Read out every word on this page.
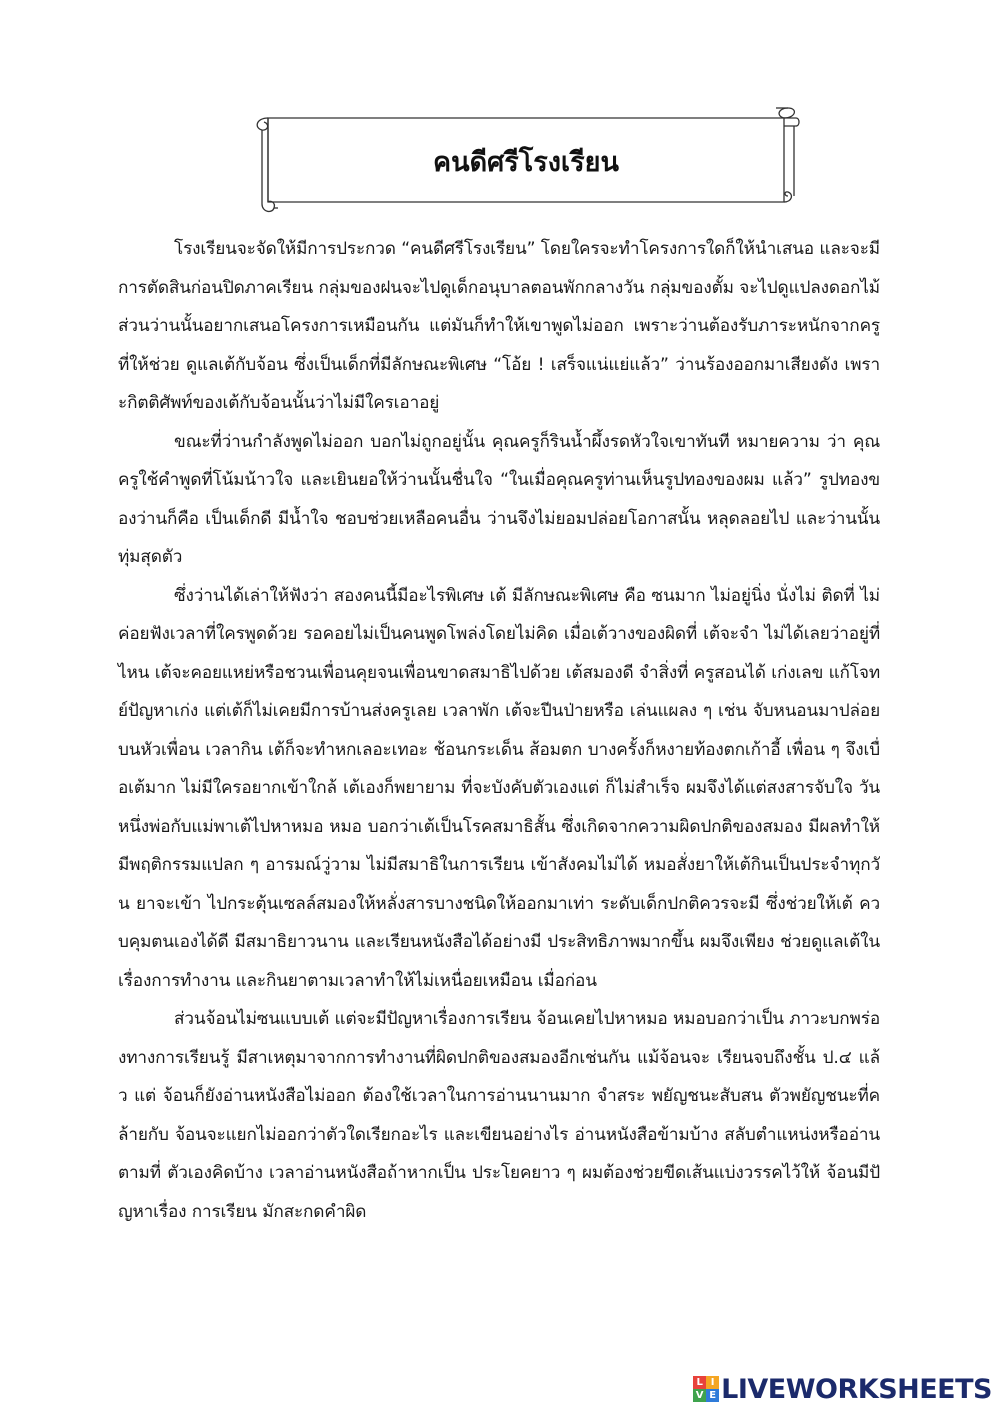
คนดีศรีโรงเรียน

โรงเรียนจะจัดให้มีการประกวด “คนดีศรีโรงเรียน” โดยใครจะทำโครงการใดก็ให้นำเสนอ และจะมี การตัดสินก่อนปิดภาคเรียน กลุ่มของฝนจะไปดูเด็กอนุบาลตอนพักกลางวัน กลุ่มของตั้ม จะไปดูแปลงดอกไม้ ส่วนว่านนั้นอยากเสนอโครงการเหมือนกัน แต่มันก็ทำให้เขาพูดไม่ออก เพราะว่านต้องรับภาระหนักจากครูที่ให้ช่วย ดูแลเต้กับจ้อน ซึ่งเป็นเด็กที่มีลักษณะพิเศษ “โอ้ย ! เสร็จแน่แย่แล้ว” ว่านร้องออกมาเสียงดัง เพราะกิตติศัพท์ของเต้กับจ้อนนั้นว่าไม่มีใครเอาอยู่

ขณะที่ว่านกำลังพูดไม่ออก บอกไม่ถูกอยู่นั้น คุณครูก็รินน้ำผึ้งรดหัวใจเขาทันที หมายความ ว่า คุณครูใช้คำพูดที่โน้มน้าวใจ และเยินยอให้ว่านนั้นชื่นใจ “ในเมื่อคุณครูท่านเห็นรูปทองของผม แล้ว” รูปทองของว่านก็คือ เป็นเด็กดี มีน้ำใจ ชอบช่วยเหลือคนอื่น ว่านจึงไม่ยอมปล่อยโอกาสนั้น หลุดลอยไป และว่านนั้นทุ่มสุดตัว

ซึ่งว่านได้เล่าให้ฟังว่า สองคนนี้มีอะไรพิเศษ เต้ มีลักษณะพิเศษ คือ ซนมาก ไม่อยู่นิ่ง นั่งไม่ ติดที่ ไม่ค่อยฟังเวลาที่ใครพูดด้วย รอคอยไม่เป็นคนพูดโพล่งโดยไม่คิด เมื่อเต้วางของผิดที่ เต้จะจำ ไม่ได้เลยว่าอยู่ที่ไหน เต้จะคอยแหย่หรือชวนเพื่อนคุยจนเพื่อนขาดสมาธิไปด้วย เต้สมองดี จำสิ่งที่ ครูสอนได้ เก่งเลข แก้โจทย์ปัญหาเก่ง แต่เต้ก็ไม่เคยมีการบ้านส่งครูเลย เวลาพัก เต้จะปีนป่ายหรือ เล่นแผลง ๆ เช่น จับหนอนมาปล่อยบนหัวเพื่อน เวลากิน เต้ก็จะทำหกเลอะเทอะ ช้อนกระเด็น ส้อมตก บางครั้งก็หงายท้องตกเก้าอี้ เพื่อน ๆ จึงเบื่อเต้มาก ไม่มีใครอยากเข้าใกล้ เต้เองก็พยายาม ที่จะบังคับตัวเองแต่ ก็ไม่สำเร็จ ผมจึงได้แต่สงสารจับใจ วันหนึ่งพ่อกับแม่พาเต้ไปหาหมอ หมอ บอกว่าเต้เป็นโรคสมาธิสั้น ซึ่งเกิดจากความผิดปกติของสมอง มีผลทำให้มีพฤติกรรมแปลก ๆ อารมณ์วู่วาม ไม่มีสมาธิในการเรียน เข้าสังคมไม่ได้ หมอสั่งยาให้เต้กินเป็นประจำทุกวัน ยาจะเข้า ไปกระตุ้นเซลล์สมองให้หลั่งสารบางชนิดให้ออกมาเท่า ระดับเด็กปกติควรจะมี ซึ่งช่วยให้เต้ ควบคุมตนเองได้ดี มีสมาธิยาวนาน และเรียนหนังสือได้อย่างมี ประสิทธิภาพมากขึ้น ผมจึงเพียง ช่วยดูแลเต้ในเรื่องการทำงาน และกินยาตามเวลาทำให้ไม่เหนื่อยเหมือน เมื่อก่อน

ส่วนจ้อนไม่ซนแบบเต้ แต่จะมีปัญหาเรื่องการเรียน จ้อนเคยไปหาหมอ หมอบอกว่าเป็น ภาวะบกพร่องทางการเรียนรู้ มีสาเหตุมาจากการทำงานที่ผิดปกติของสมองอีกเช่นกัน แม้จ้อนจะ เรียนจบถึงชั้น ป.๔ แล้ว แต่ จ้อนก็ยังอ่านหนังสือไม่ออก ต้องใช้เวลาในการอ่านนานมาก จำสระ พยัญชนะสับสน ตัวพยัญชนะที่คล้ายกับ จ้อนจะแยกไม่ออกว่าตัวใดเรียกอะไร และเขียนอย่างไร อ่านหนังสือข้ามบ้าง สลับตำแหน่งหรืออ่านตามที่ ตัวเองคิดบ้าง เวลาอ่านหนังสือถ้าหากเป็น ประโยคยาว ๆ ผมต้องช่วยขีดเส้นแบ่งวรรคไว้ให้ จ้อนมีปัญหาเรื่อง การเรียน มักสะกดคำผิด

L I
V E LIVEWORKSHEETS
